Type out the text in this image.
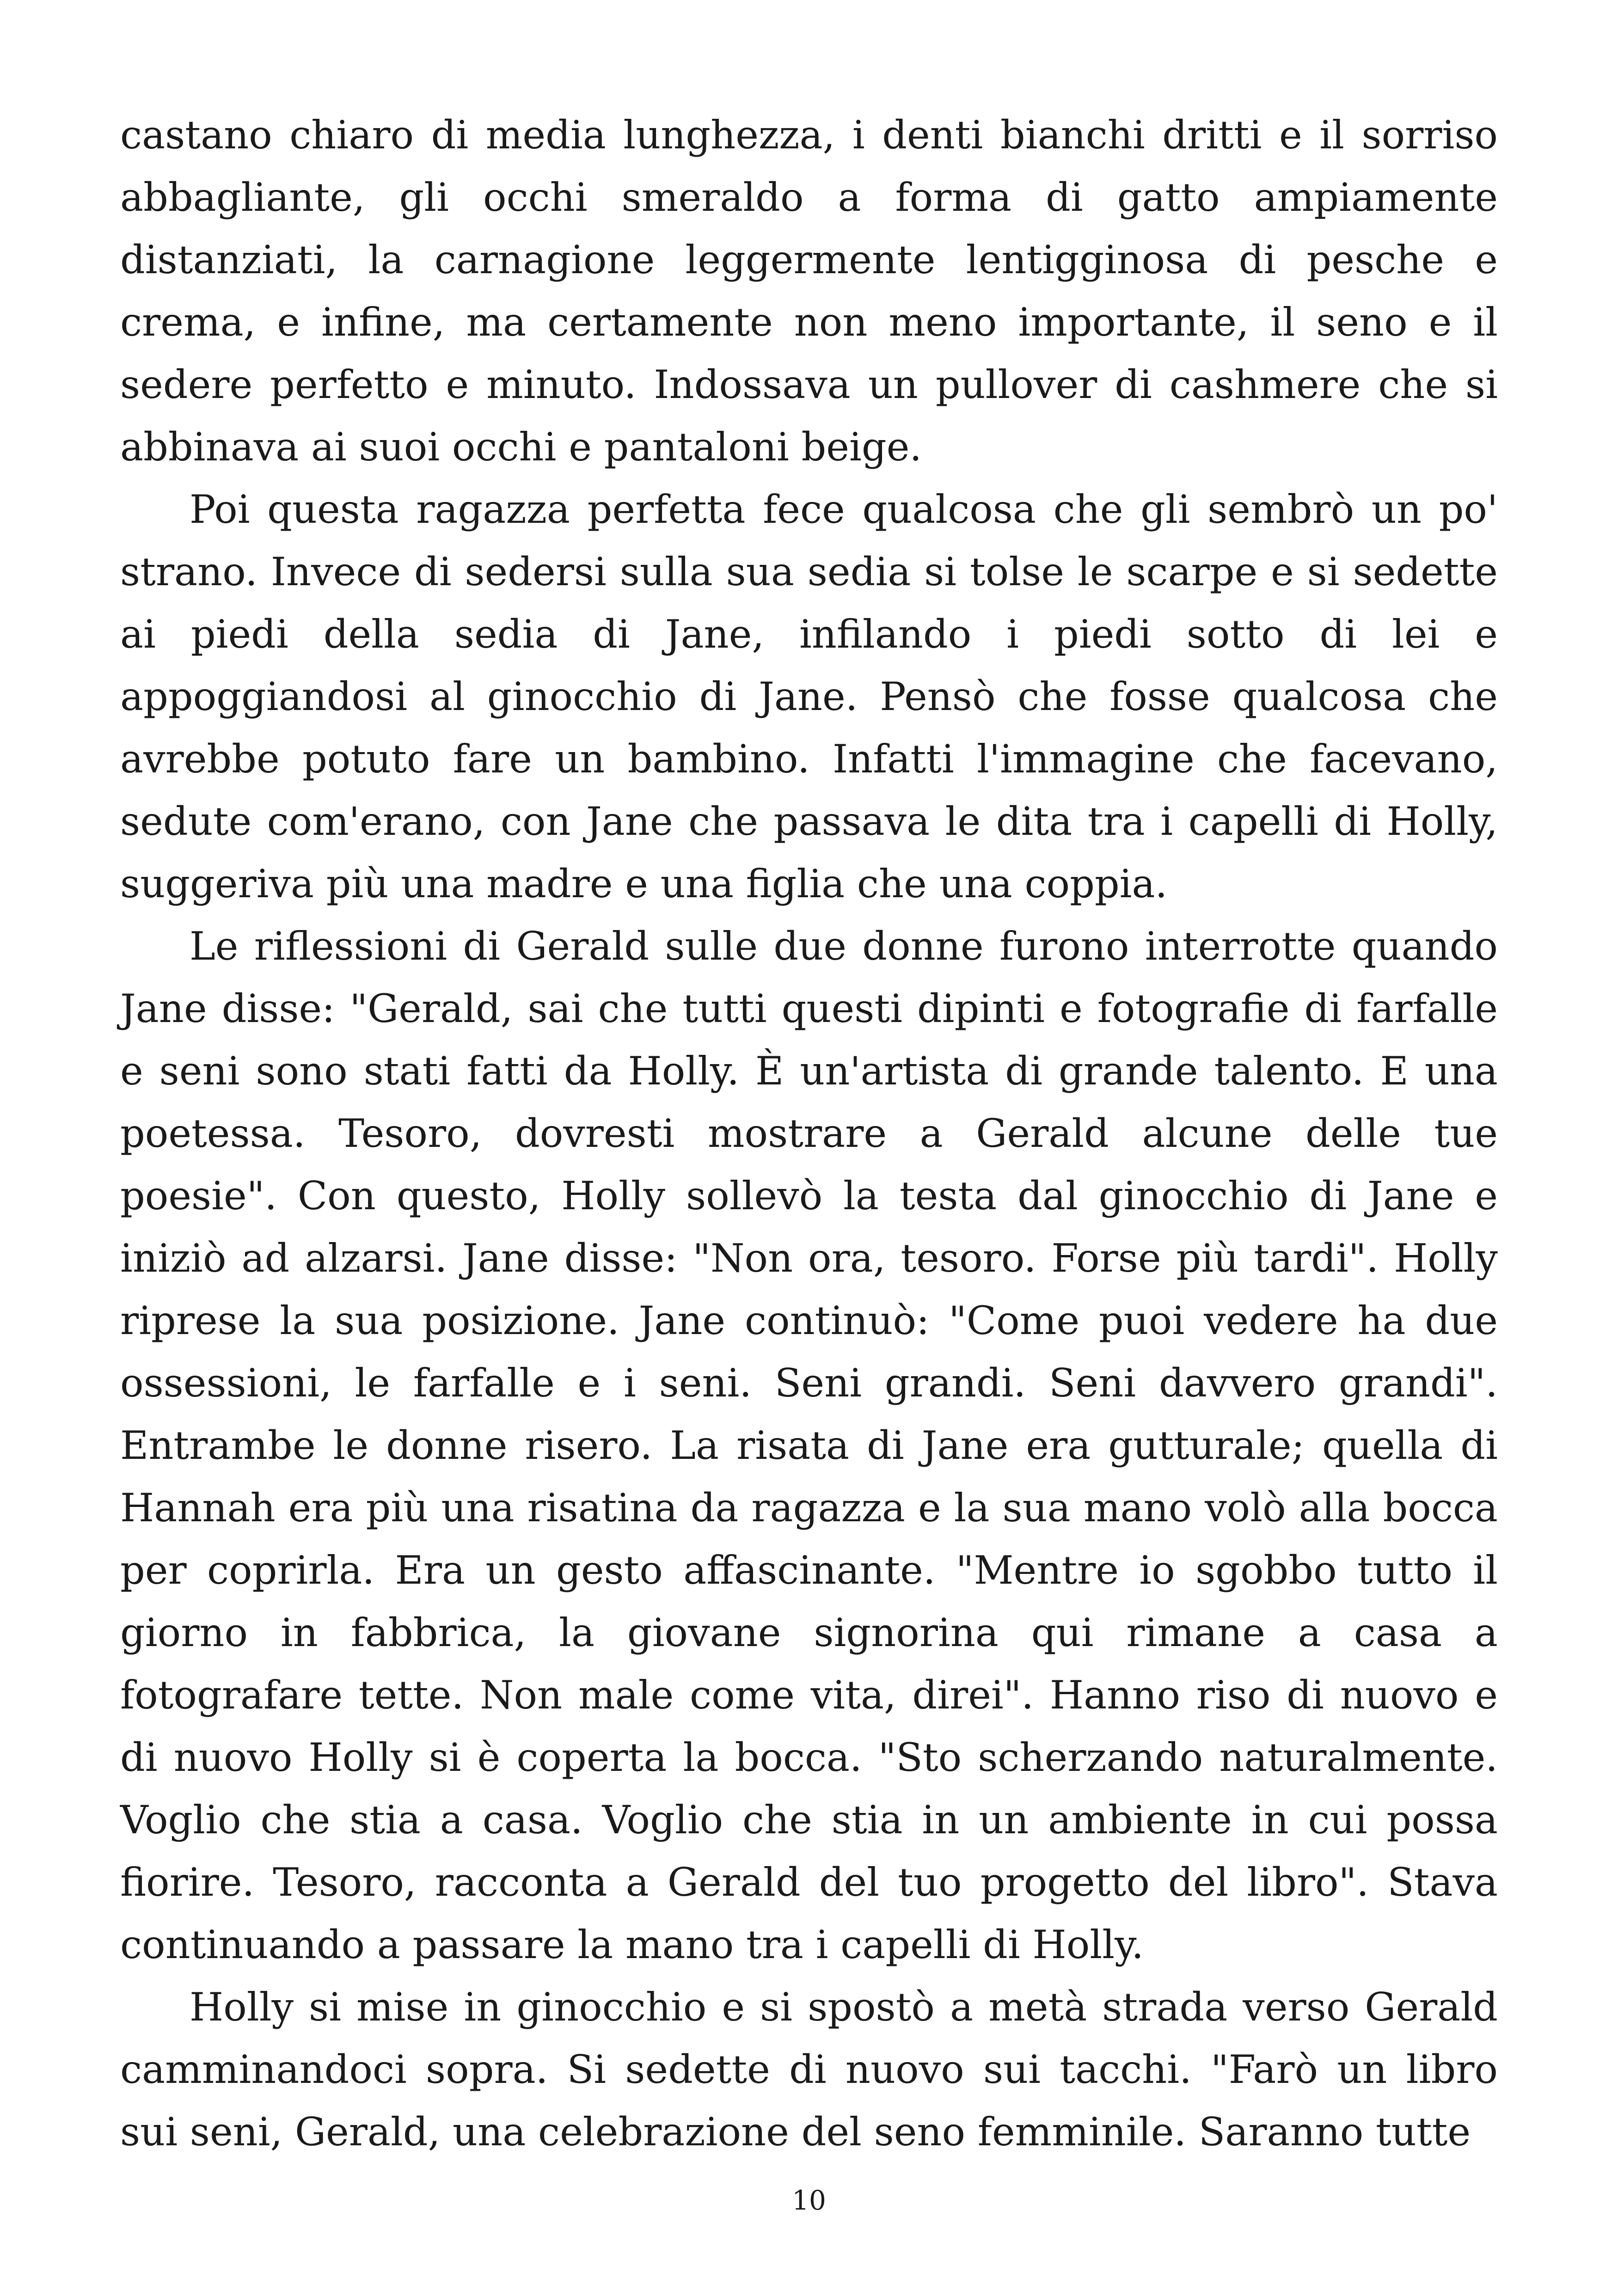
castano chiaro di media lunghezza, i denti bianchi dritti e il sorriso abbagliante, gli occhi smeraldo a forma di gatto ampiamente distanziati, la carnagione leggermente lentigginosa di pesche e crema, e infine, ma certamente non meno importante, il seno e il sedere perfetto e minuto. Indossava un pullover di cashmere che si abbinava ai suoi occhi e pantaloni beige.

Poi questa ragazza perfetta fece qualcosa che gli sembrò un po' strano. Invece di sedersi sulla sua sedia si tolse le scarpe e si sedette ai piedi della sedia di Jane, infilando i piedi sotto di lei e appoggiandosi al ginocchio di Jane. Pensò che fosse qualcosa che avrebbe potuto fare un bambino. Infatti l'immagine che facevano, sedute com'erano, con Jane che passava le dita tra i capelli di Holly, suggeriva più una madre e una figlia che una coppia.

Le riflessioni di Gerald sulle due donne furono interrotte quando Jane disse: "Gerald, sai che tutti questi dipinti e fotografie di farfalle e seni sono stati fatti da Holly. È un'artista di grande talento. E una poetessa. Tesoro, dovresti mostrare a Gerald alcune delle tue poesie". Con questo, Holly sollevò la testa dal ginocchio di Jane e iniziò ad alzarsi. Jane disse: "Non ora, tesoro. Forse più tardi". Holly riprese la sua posizione. Jane continuò: "Come puoi vedere ha due ossessioni, le farfalle e i seni. Seni grandi. Seni davvero grandi". Entrambe le donne risero. La risata di Jane era gutturale; quella di Hannah era più una risatina da ragazza e la sua mano volò alla bocca per coprirla. Era un gesto affascinante. "Mentre io sgobbo tutto il giorno in fabbrica, la giovane signorina qui rimane a casa a fotografare tette. Non male come vita, direi". Hanno riso di nuovo e di nuovo Holly si è coperta la bocca. "Sto scherzando naturalmente. Voglio che stia a casa. Voglio che stia in un ambiente in cui possa fiorire. Tesoro, racconta a Gerald del tuo progetto del libro". Stava continuando a passare la mano tra i capelli di Holly.

Holly si mise in ginocchio e si spostò a metà strada verso Gerald camminandoci sopra. Si sedette di nuovo sui tacchi. "Farò un libro sui seni, Gerald, una celebrazione del seno femminile. Saranno tutte

10
